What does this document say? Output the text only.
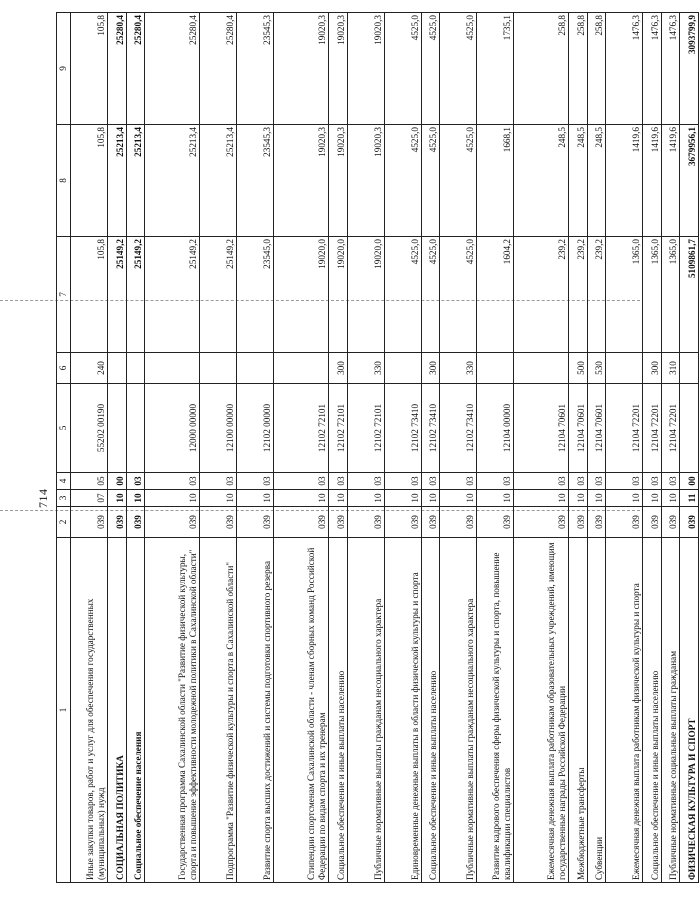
714
1	2	3	4	5	6	7	8	9
Иные закупки товаров, работ и услуг для обеспечения государственных (муниципальных) нужд	039	07	05	55202 00190	240	105,8	105,8	105,8
СОЦИАЛЬНАЯ ПОЛИТИКА	039	10	00			25149,2	25213,4	25280,4
Социальное обеспечение населения	039	10	03			25149,2	25213,4	25280,4
Государственная программа Сахалинской области "Развитие физической культуры, спорта и повышение эффективности молодежной политики в Сахалинской области"	039	10	03	12000 00000		25149,2	25213,4	25280,4
Подпрограмма "Развитие физической культуры и спорта в Сахалинской области"	039	10	03	12100 00000		25149,2	25213,4	25280,4
Развитие спорта высших достижений и системы подготовки спортивного резерва	039	10	03	12102 00000		23545,0	23545,3	23545,3
Стипендии спортсменам Сахалинской области - членам сборных команд Российской Федерации по видам спорта и их тренерам	039	10	03	12102 72101		19020,0	19020,3	19020,3
Социальное обеспечение и иные выплаты населению	039	10	03	12102 72101	300	19020,0	19020,3	19020,3
Публичные нормативные выплаты гражданам несоциального характера	039	10	03	12102 72101	330	19020,0	19020,3	19020,3
Единовременные денежные выплаты в области физической культуры и спорта	039	10	03	12102 73410		4525,0	4525,0	4525,0
Социальное обеспечение и иные выплаты населению	039	10	03	12102 73410	300	4525,0	4525,0	4525,0
Публичные нормативные выплаты гражданам несоциального характера	039	10	03	12102 73410	330	4525,0	4525,0	4525,0
Развитие кадрового обеспечения сферы физической культуры и спорта, повышение квалификации специалистов	039	10	03	12104 00000		1604,2	1668,1	1735,1
Ежемесячная денежная выплата работникам образовательных учреждений, имеющим государственные награды Российской Федерации	039	10	03	12104 70601		239,2	248,5	258,8
Межбюджетные трансферты	039	10	03	12104 70601	500	239,2	248,5	258,8
Субвенции	039	10	03	12104 70601	530	239,2	248,5	258,8
Ежемесячная денежная выплата работникам физической культуры и спорта	039	10	03	12104 72201		1365,0	1419,6	1476,3
Социальное обеспечение и иные выплаты населению	039	10	03	12104 72201	300	1365,0	1419,6	1476,3
Публичные нормативные социальные выплаты гражданам	039	10	03	12104 72201	310	1365,0	1419,6	1476,3
ФИЗИЧЕСКАЯ КУЛЬТУРА И СПОРТ	039	11	00			5109861,7	3679956,1	3093799,9
